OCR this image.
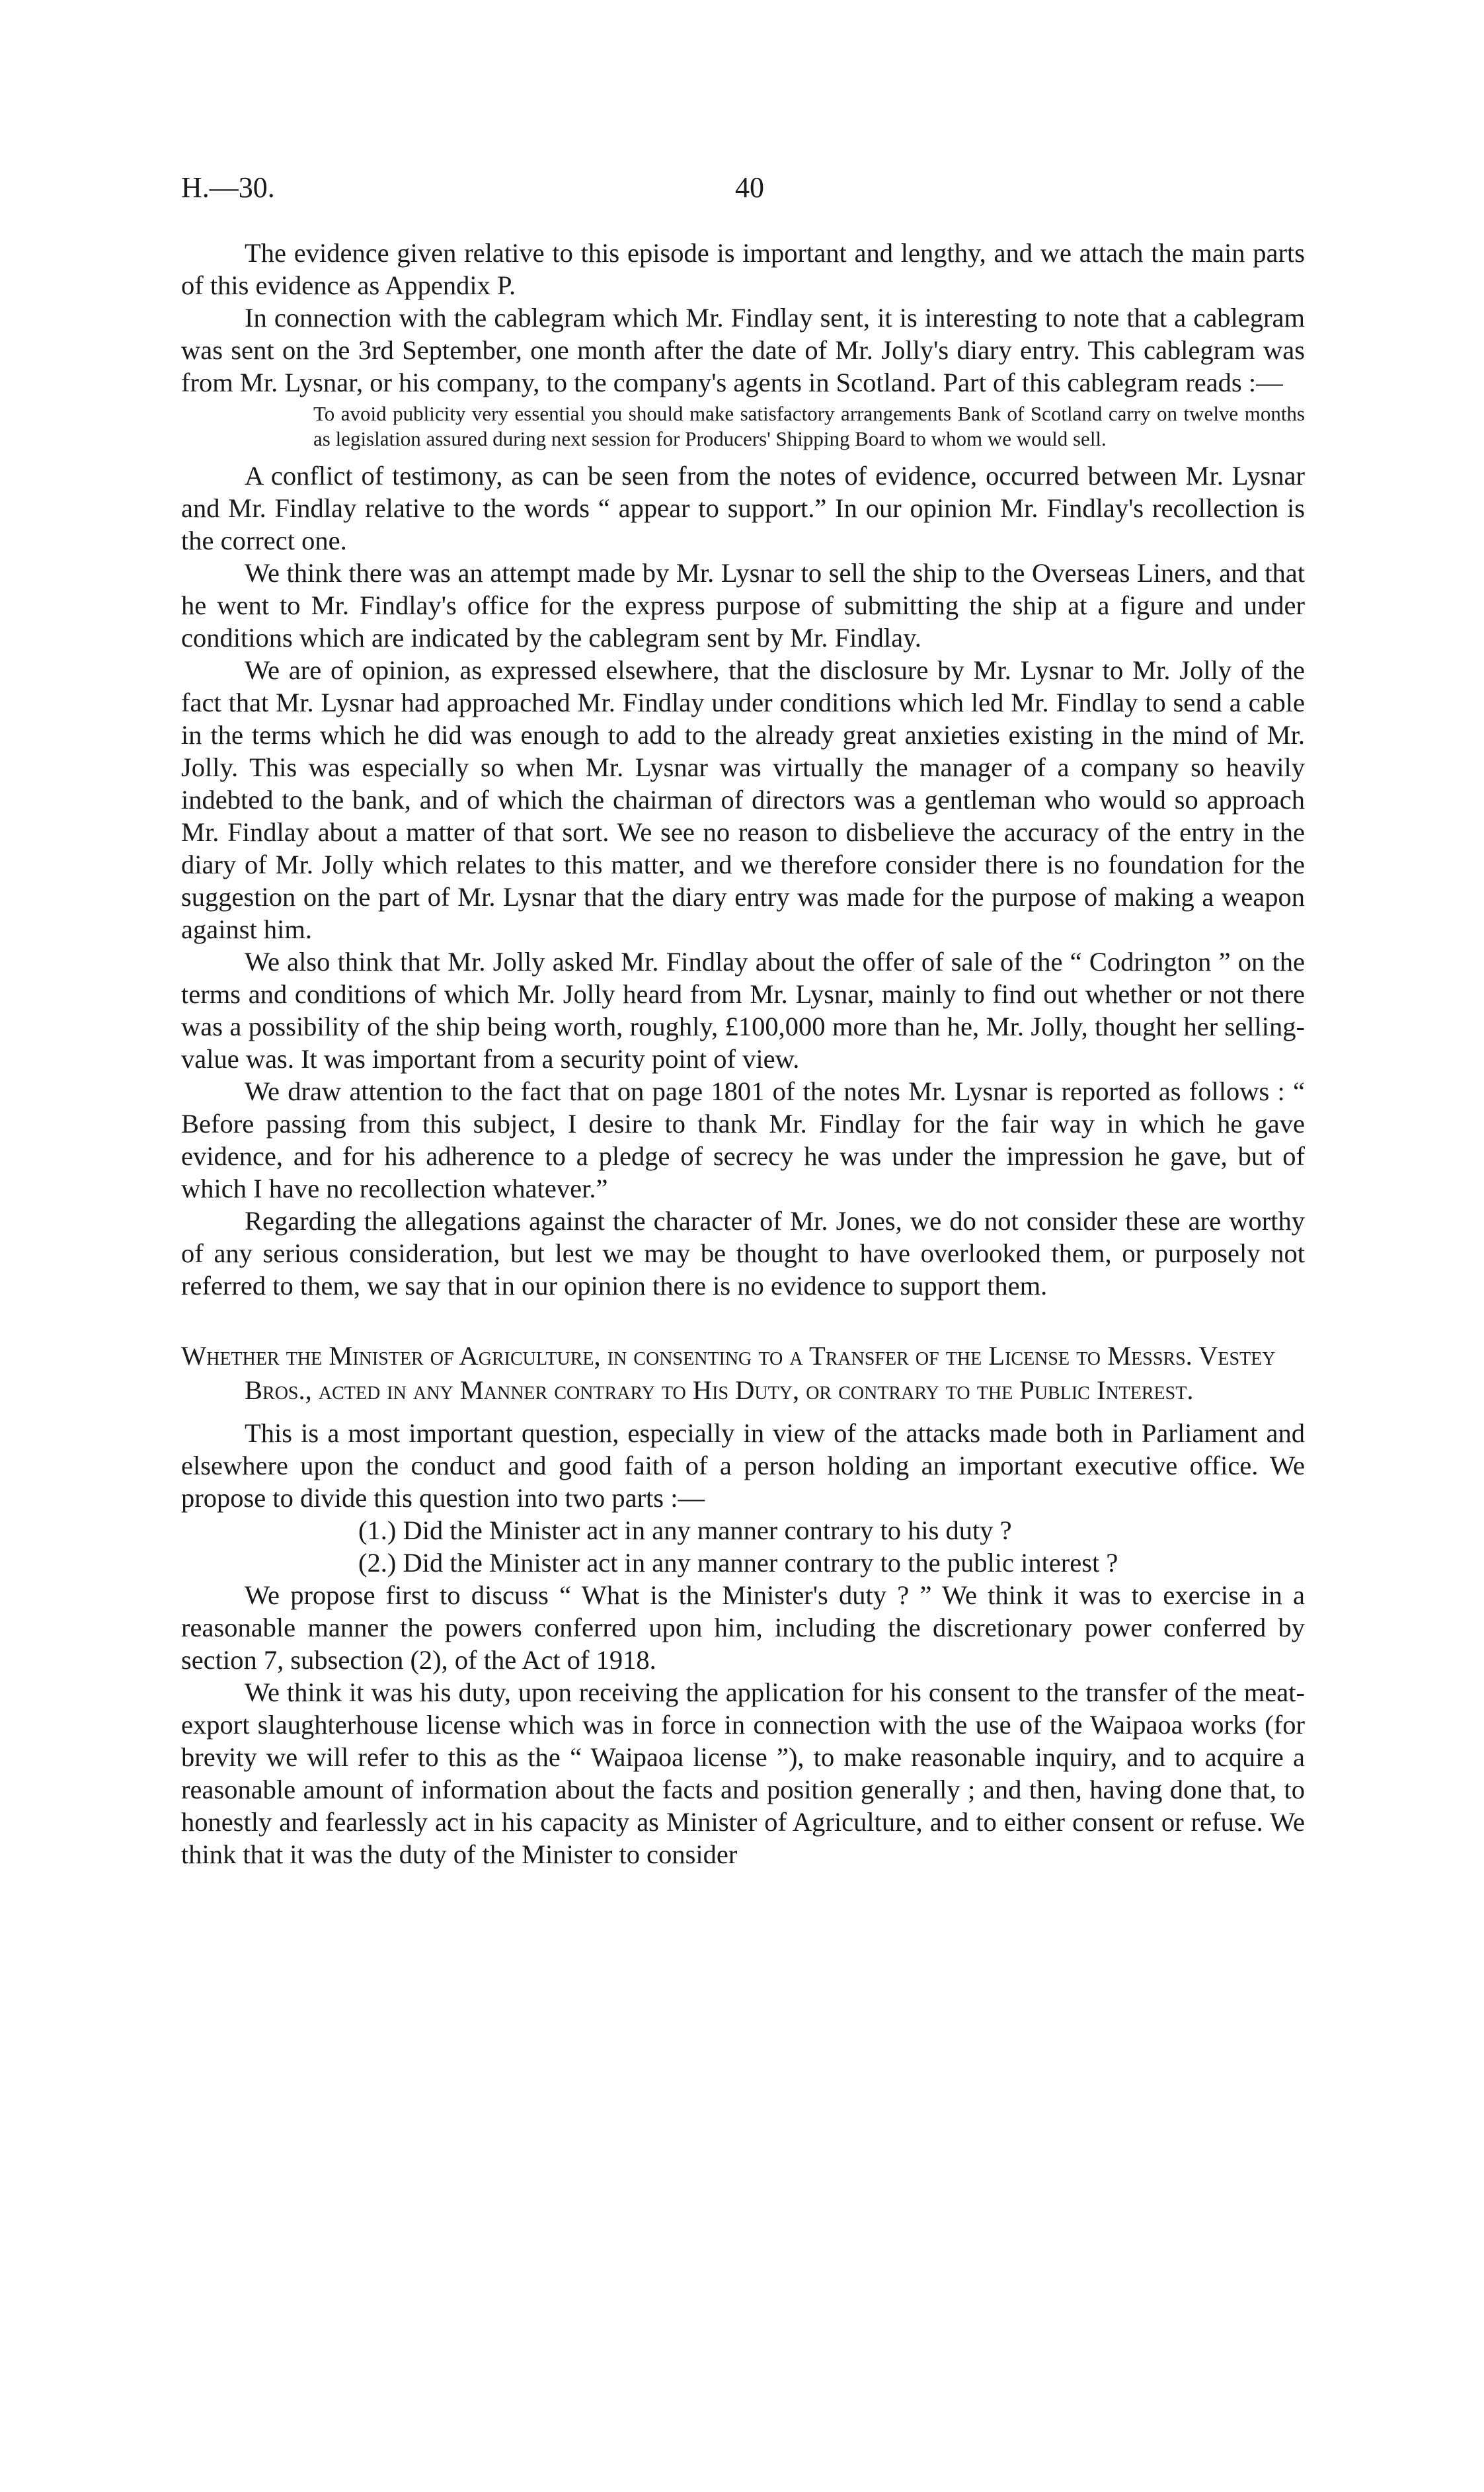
H.—30.	40

The evidence given relative to this episode is important and lengthy, and we attach the main parts of this evidence as Appendix P.

In connection with the cablegram which Mr. Findlay sent, it is interesting to note that a cablegram was sent on the 3rd September, one month after the date of Mr. Jolly's diary entry. This cablegram was from Mr. Lysnar, or his company, to the company's agents in Scotland. Part of this cablegram reads :—

To avoid publicity very essential you should make satisfactory arrangements Bank of Scotland carry on twelve months as legislation assured during next session for Producers' Shipping Board to whom we would sell.

A conflict of testimony, as can be seen from the notes of evidence, occurred between Mr. Lysnar and Mr. Findlay relative to the words “ appear to support.” In our opinion Mr. Findlay's recollection is the correct one.

We think there was an attempt made by Mr. Lysnar to sell the ship to the Overseas Liners, and that he went to Mr. Findlay's office for the express purpose of submitting the ship at a figure and under conditions which are indicated by the cablegram sent by Mr. Findlay.

We are of opinion, as expressed elsewhere, that the disclosure by Mr. Lysnar to Mr. Jolly of the fact that Mr. Lysnar had approached Mr. Findlay under conditions which led Mr. Findlay to send a cable in the terms which he did was enough to add to the already great anxieties existing in the mind of Mr. Jolly. This was especially so when Mr. Lysnar was virtually the manager of a company so heavily indebted to the bank, and of which the chairman of directors was a gentleman who would so approach Mr. Findlay about a matter of that sort. We see no reason to disbelieve the accuracy of the entry in the diary of Mr. Jolly which relates to this matter, and we therefore consider there is no foundation for the suggestion on the part of Mr. Lysnar that the diary entry was made for the purpose of making a weapon against him.

We also think that Mr. Jolly asked Mr. Findlay about the offer of sale of the “ Codrington ” on the terms and conditions of which Mr. Jolly heard from Mr. Lysnar, mainly to find out whether or not there was a possibility of the ship being worth, roughly, £100,000 more than he, Mr. Jolly, thought her selling-value was. It was important from a security point of view.

We draw attention to the fact that on page 1801 of the notes Mr. Lysnar is reported as follows : “ Before passing from this subject, I desire to thank Mr. Findlay for the fair way in which he gave evidence, and for his adherence to a pledge of secrecy he was under the impression he gave, but of which I have no recollection whatever.”

Regarding the allegations against the character of Mr. Jones, we do not consider these are worthy of any serious consideration, but lest we may be thought to have overlooked them, or purposely not referred to them, we say that in our opinion there is no evidence to support them.

Whether the Minister of Agriculture, in consenting to a Transfer of the License to Messrs. Vestey Bros., acted in any Manner contrary to His Duty, or contrary to the Public Interest.

This is a most important question, especially in view of the attacks made both in Parliament and elsewhere upon the conduct and good faith of a person holding an important executive office. We propose to divide this question into two parts :—

(1.) Did the Minister act in any manner contrary to his duty ?

(2.) Did the Minister act in any manner contrary to the public interest ?

We propose first to discuss “ What is the Minister's duty ? ” We think it was to exercise in a reasonable manner the powers conferred upon him, including the discretionary power conferred by section 7, subsection (2), of the Act of 1918.

We think it was his duty, upon receiving the application for his consent to the transfer of the meat-export slaughterhouse license which was in force in connection with the use of the Waipaoa works (for brevity we will refer to this as the “ Waipaoa license ”), to make reasonable inquiry, and to acquire a reasonable amount of information about the facts and position generally ; and then, having done that, to honestly and fearlessly act in his capacity as Minister of Agriculture, and to either consent or refuse. We think that it was the duty of the Minister to consider
